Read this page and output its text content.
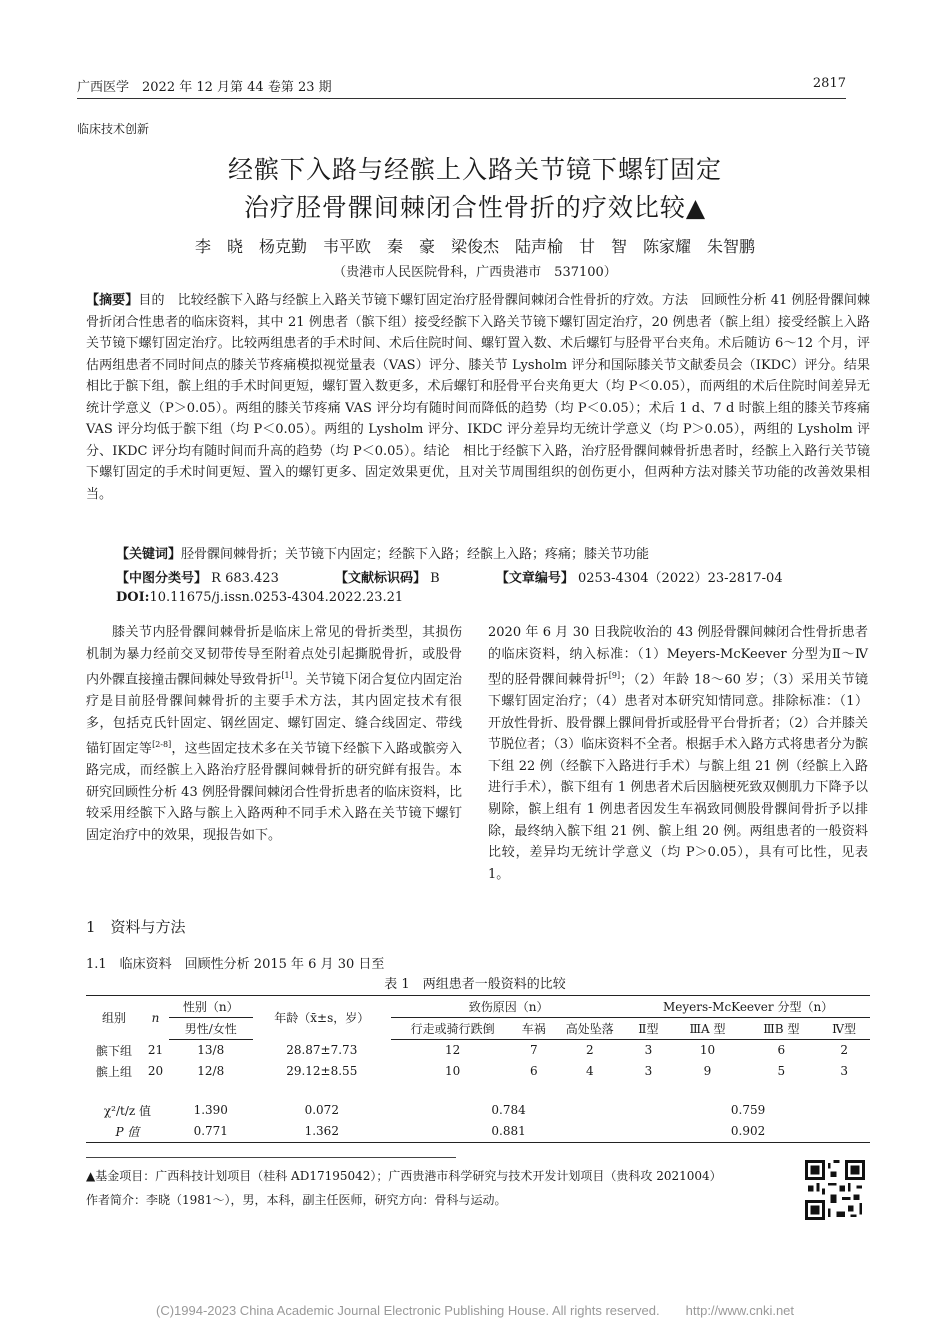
广西医学　2022 年 12 月第 44 卷第 23 期	2817
临床技术创新
经髌下入路与经髌上入路关节镜下螺钉固定
治疗胫骨髁间棘闭合性骨折的疗效比较▲
李　晓　杨克勤　韦平欧　秦　豪　梁俊杰　陆声榆　甘　智　陈家耀　朱智鹏
（贵港市人民医院骨科，广西贵港市　537100）

【摘要】目的　比较经髌下入路与经髌上入路关节镜下螺钉固定治疗胫骨髁间棘闭合性骨折的疗效。方法　回顾性分析 41 例胫骨髁间棘骨折闭合性患者的临床资料，其中 21 例患者（髌下组）接受经髌下入路关节镜下螺钉固定治疗，20 例患者（髌上组）接受经髌上入路关节镜下螺钉固定治疗。比较两组患者的手术时间、术后住院时间、螺钉置入数、术后螺钉与胫骨平台夹角。术后随访 6～12 个月，评估两组患者不同时间点的膝关节疼痛模拟视觉量表（VAS）评分、膝关节 Lysholm 评分和国际膝关节文献委员会（IKDC）评分。结果　相比于髌下组，髌上组的手术时间更短，螺钉置入数更多，术后螺钉和胫骨平台夹角更大（均 P＜0.05），而两组的术后住院时间差异无统计学意义（P＞0.05）。两组的膝关节疼痛 VAS 评分均有随时间而降低的趋势（均 P＜0.05）；术后 1 d、7 d 时髌上组的膝关节疼痛 VAS 评分均低于髌下组（均 P＜0.05）。两组的 Lysholm 评分、IKDC 评分差异均无统计学意义（均 P＞0.05），两组的 Lysholm 评分、IKDC 评分均有随时间而升高的趋势（均 P＜0.05）。结论　相比于经髌下入路，治疗胫骨髁间棘骨折患者时，经髌上入路行关节镜下螺钉固定的手术时间更短、置入的螺钉更多、固定效果更优，且对关节周围组织的创伤更小，但两种方法对膝关节功能的改善效果相当。

【关键词】胫骨髁间棘骨折；关节镜下内固定；经髌下入路；经髌上入路；疼痛；膝关节功能
【中图分类号】 R 683.423	【文献标识码】 B	【文章编号】 0253-4304（2022）23-2817-04
DOI:10.11675/j.issn.0253-4304.2022.23.21

膝关节内胫骨髁间棘骨折是临床上常见的骨折类型，其损伤机制为暴力经前交叉韧带传导至附着点处引起撕脱骨折，或股骨内外髁直接撞击髁间棘处导致骨折[1]。关节镜下闭合复位内固定治疗是目前胫骨髁间棘骨折的主要手术方法，其内固定技术有很多，包括克氏针固定、钢丝固定、螺钉固定、缝合线固定、带线锚钉固定等[2-8]，这些固定技术多在关节镜下经髌下入路或髌旁入路完成，而经髌上入路治疗胫骨髁间棘骨折的研究鲜有报告。本研究回顾性分析 43 例胫骨髁间棘闭合性骨折患者的临床资料，比较采用经髌下入路与髌上入路两种不同手术入路在关节镜下螺钉固定治疗中的效果，现报告如下。

1　资料与方法
1.1　临床资料　回顾性分析 2015 年 6 月 30 日至

2020 年 6 月 30 日我院收治的 43 例胫骨髁间棘闭合性骨折患者的临床资料，纳入标准：（1）Meyers-McKeever 分型为Ⅱ～Ⅳ型的胫骨髁间棘骨折[9]；（2）年龄 18～60 岁；（3）采用关节镜下螺钉固定治疗；（4）患者对本研究知情同意。排除标准：（1）开放性骨折、股骨髁上髁间骨折或胫骨平台骨折者；（2）合并膝关节脱位者；（3）临床资料不全者。根据手术入路方式将患者分为髌下组 22 例（经髌下入路进行手术）与髌上组 21 例（经髌上入路进行手术），髌下组有 1 例患者术后因脑梗死致双侧肌力下降予以剔除，髌上组有 1 例患者因发生车祸致同侧股骨髁间骨折予以排除，最终纳入髌下组 21 例、髌上组 20 例。两组患者的一般资料比较，差异均无统计学意义（均 P＞0.05），具有可比性，见表 1。

表 1　两组患者一般资料的比较
组别	n	性别（n）	年龄（x̄±s，岁）	致伤原因（n）			Meyers-McKeever 分型（n）			
		男性/女性		行走或骑行跌倒	车祸	高处坠落	Ⅱ型	ⅢA 型	ⅢB 型	Ⅳ型
髌下组	21	13/8	28.87±7.73	12	7	2	3	10	6	2
髌上组	20	12/8	29.12±8.55	10	6	4	3	9	5	3

χ²/t/z 值		1.390	0.072	0.784			0.759			
P 值		0.771	1.362	0.881			0.902			
▲基金项目：广西科技计划项目（桂科 AD17195042）；广西贵港市科学研究与技术开发计划项目（贵科攻 2021004）
作者简介：李晓（1981～），男，本科，副主任医师，研究方向：骨科与运动。
(C)1994-2023 China Academic Journal Electronic Publishing House. All rights reserved.　　http://www.cnki.net
